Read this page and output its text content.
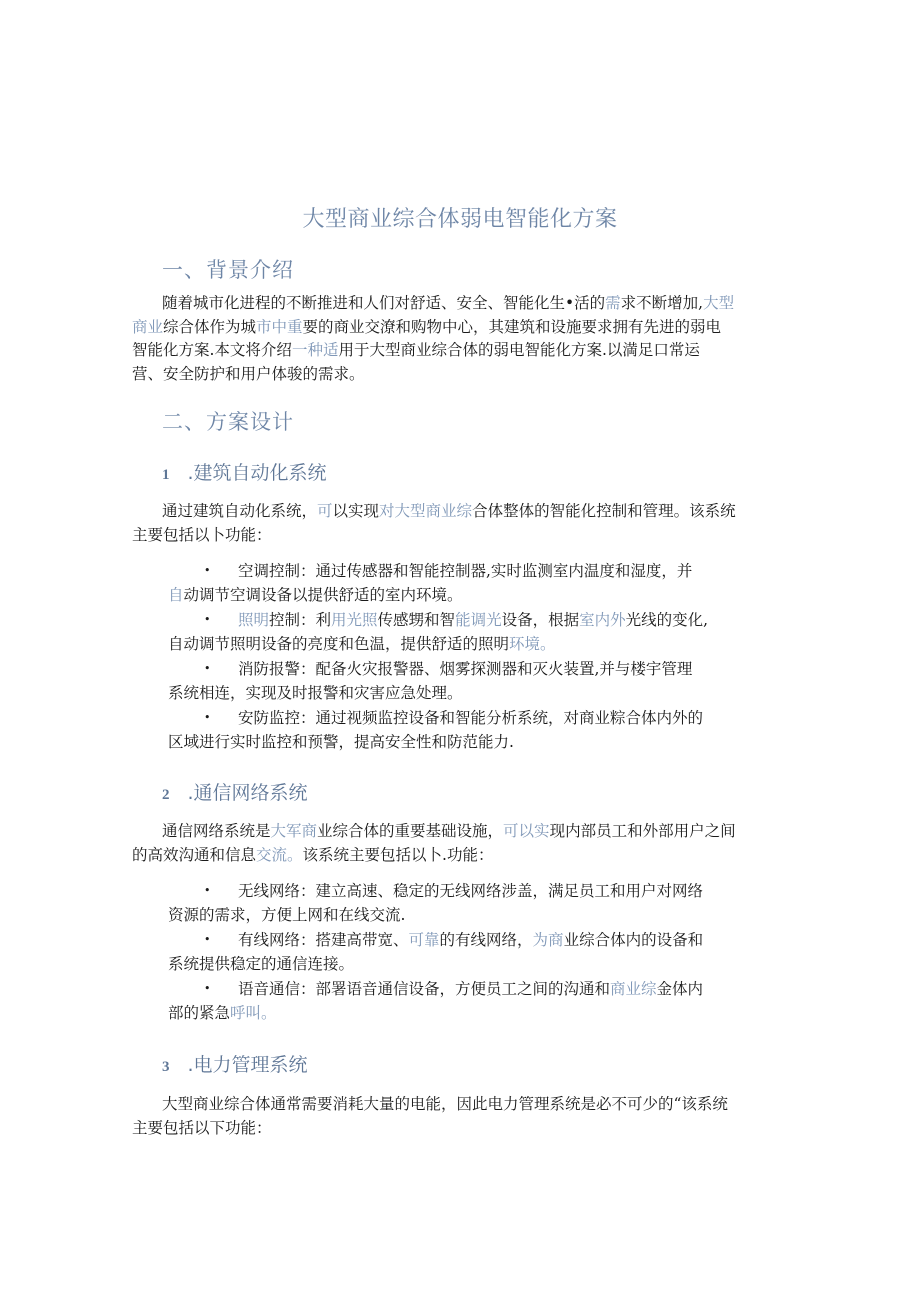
大型商业综合体弱电智能化方案
一、背景介绍
随着城市化进程的不断推进和人们对舒适、安全、智能化生•活的需求不断增加,大型
商业综合体作为城市中重要的商业交潦和购物中心，其建筑和设施要求拥有先进的弱电
智能化方案.本文将介绍一种适用于大型商业综合体的弱电智能化方案.以満足口常运
营、安全防护和用户体骏的需求。
二、方案设计
1 .建筑自动化系统
通过建筑自动化系统，可以实现对大型商业综合体整体的智能化控制和管理。该系统
主要包括以卜功能：
• 空调控制：通过传感器和智能控制器,实时监测室内温度和湿度，并
自动调节空调设备以提供舒适的室内环境。
• 照明控制：利用光照传感甥和智能调光设备，根据室内外光线的变化,
自动调节照明设备的亮度和色温，提供舒适的照明环境。
• 消防报警：配备火灾报警器、烟雾探测器和灭火装置,并与楼宇管理
系统相连，实现及时报警和灾害应急处理。
• 安防监控：通过视频监控设备和智能分析系统，对商业粽合体内外的
区域进行实时监控和预警，提高安全性和防范能力.
2 .通信网络系统
通信网络系统是大军商业综合体的重要基础设施，可以实现内部员工和外部用户之间
的高效沟通和信息交流。该系统主要包括以卜.功能：
• 无线网络：建立高速、稳定的无线网络涉盖，满足员工和用户对网络
资源的需求，方便上网和在线交流.
• 有线网络：搭建高带宽、可靠的有线网络，为商业综合体内的设备和
系统提供稳定的通信连接。
• 语音通信：部署语音通信设备，方便员工之间的沟通和商业综金体内
部的紧急呼叫。
3 .电力管理系统
大型商业综合体通常需要消耗大量的电能，因此电力管理系统是必不可少的“该系统
主要包括以下功能：
